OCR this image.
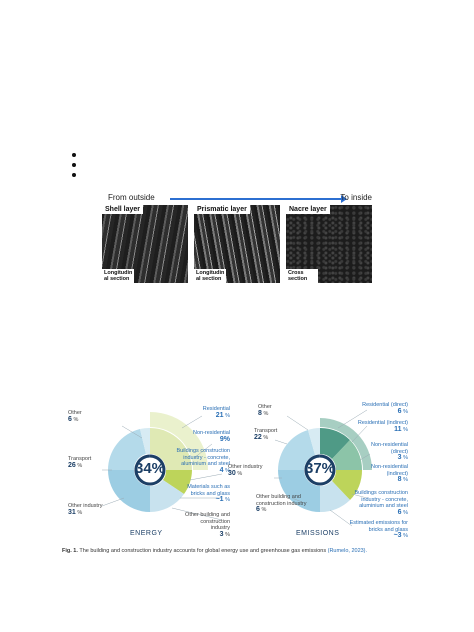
From outside	To inside
Shell layer
Longitudin al section
Prismatic layer
Longitudin al section
Nacre layer
Cross section
34%
ENERGY
Other
6 %
Transport
26 %
Other industry
31 %
Residential
21 %
Non-residential
9%
Buildings construction industry - concrete, aluminium and steel
4 %
Materials such as bricks and glass
~1 %
Other building and construction industry
3 %
37%
EMISSIONS
Other
8 %
Transport
22 %
Other industry
30 %
Other building and construction industry
6 %
Residential (direct)
6 %
Residential (indirect)
11 %
Non-residential (direct)
3 %
Non-residential (indirect)
8 %
Buildings construction industry - concrete, aluminium and steel
6 %
Estimated emissions for bricks and glass
~3 %
Fig. 1. The building and construction industry accounts for global energy use and greenhouse gas emissions (Rumelo, 2023).
